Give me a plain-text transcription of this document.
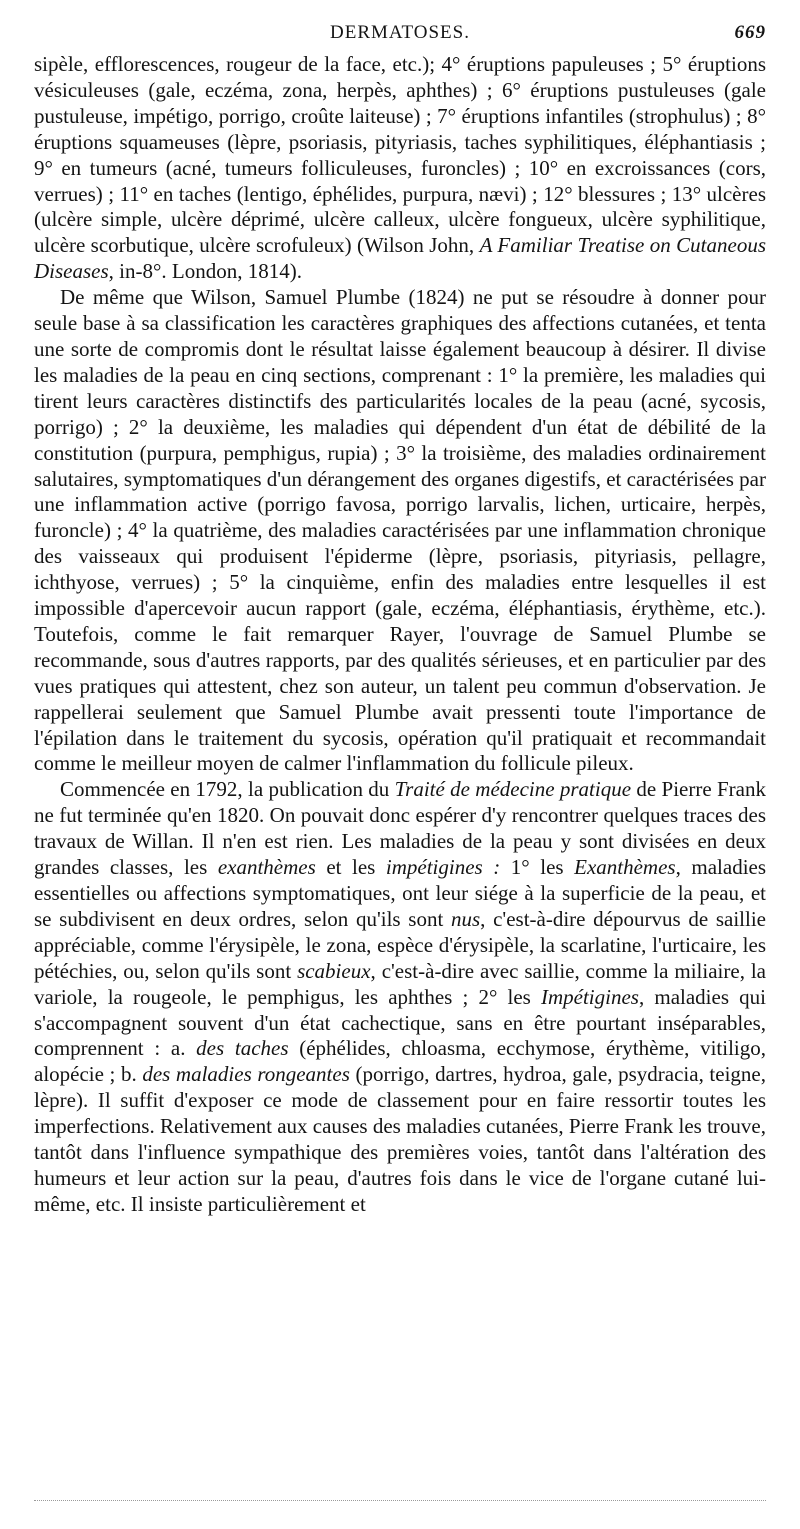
DERMATOSES.	669

sipèle, efflorescences, rougeur de la face, etc.); 4° éruptions papuleuses ; 5° éruptions vésiculeuses (gale, eczéma, zona, herpès, aphthes) ; 6° éruptions pustuleuses (gale pustuleuse, impétigo, porrigo, croûte laiteuse) ; 7° éruptions infantiles (strophulus) ; 8° éruptions squameuses (lèpre, psoriasis, pityriasis, taches syphilitiques, éléphantiasis ; 9° en tumeurs (acné, tumeurs folliculeuses, furoncles) ; 10° en excroissances (cors, verrues) ; 11° en taches (lentigo, éphélides, purpura, nævi) ; 12° blessures ; 13° ulcères (ulcère simple, ulcère déprimé, ulcère calleux, ulcère fongueux, ulcère syphilitique, ulcère scorbutique, ulcère scrofuleux) (Wilson John, A Familiar Treatise on Cutaneous Diseases, in-8°. London, 1814).

De même que Wilson, Samuel Plumbe (1824) ne put se résoudre à donner pour seule base à sa classification les caractères graphiques des affections cutanées, et tenta une sorte de compromis dont le résultat laisse également beaucoup à désirer. Il divise les maladies de la peau en cinq sections, comprenant : 1° la première, les maladies qui tirent leurs caractères distinctifs des particularités locales de la peau (acné, sycosis, porrigo) ; 2° la deuxième, les maladies qui dépendent d'un état de débilité de la constitution (purpura, pemphigus, rupia) ; 3° la troisième, des maladies ordinairement salutaires, symptomatiques d'un dérangement des organes digestifs, et caractérisées par une inflammation active (porrigo favosa, porrigo larvalis, lichen, urticaire, herpès, furoncle) ; 4° la quatrième, des maladies caractérisées par une inflammation chronique des vaisseaux qui produisent l'épiderme (lèpre, psoriasis, pityriasis, pellagre, ichthyose, verrues) ; 5° la cinquième, enfin des maladies entre lesquelles il est impossible d'apercevoir aucun rapport (gale, eczéma, éléphantiasis, érythème, etc.). Toutefois, comme le fait remarquer Rayer, l'ouvrage de Samuel Plumbe se recommande, sous d'autres rapports, par des qualités sérieuses, et en particulier par des vues pratiques qui attestent, chez son auteur, un talent peu commun d'observation. Je rappellerai seulement que Samuel Plumbe avait pressenti toute l'importance de l'épilation dans le traitement du sycosis, opération qu'il pratiquait et recommandait comme le meilleur moyen de calmer l'inflammation du follicule pileux.

Commencée en 1792, la publication du Traité de médecine pratique de Pierre Frank ne fut terminée qu'en 1820. On pouvait donc espérer d'y rencontrer quelques traces des travaux de Willan. Il n'en est rien. Les maladies de la peau y sont divisées en deux grandes classes, les exanthèmes et les impétigines : 1° les Exanthèmes, maladies essentielles ou affections symptomatiques, ont leur siége à la superficie de la peau, et se subdivisent en deux ordres, selon qu'ils sont nus, c'est-à-dire dépourvus de saillie appréciable, comme l'érysipèle, le zona, espèce d'érysipèle, la scarlatine, l'urticaire, les pétéchies, ou, selon qu'ils sont scabieux, c'est-à-dire avec saillie, comme la miliaire, la variole, la rougeole, le pemphigus, les aphthes ; 2° les Impétigines, maladies qui s'accompagnent souvent d'un état cachectique, sans en être pourtant inséparables, comprennent : a. des taches (éphélides, chloasma, ecchymose, érythème, vitiligo, alopécie ; b. des maladies rongeantes (porrigo, dartres, hydroa, gale, psydracia, teigne, lèpre). Il suffit d'exposer ce mode de classement pour en faire ressortir toutes les imperfections. Relativement aux causes des maladies cutanées, Pierre Frank les trouve, tantôt dans l'influence sympathique des premières voies, tantôt dans l'altération des humeurs et leur action sur la peau, d'autres fois dans le vice de l'organe cutané lui-même, etc. Il insiste particulièrement et
